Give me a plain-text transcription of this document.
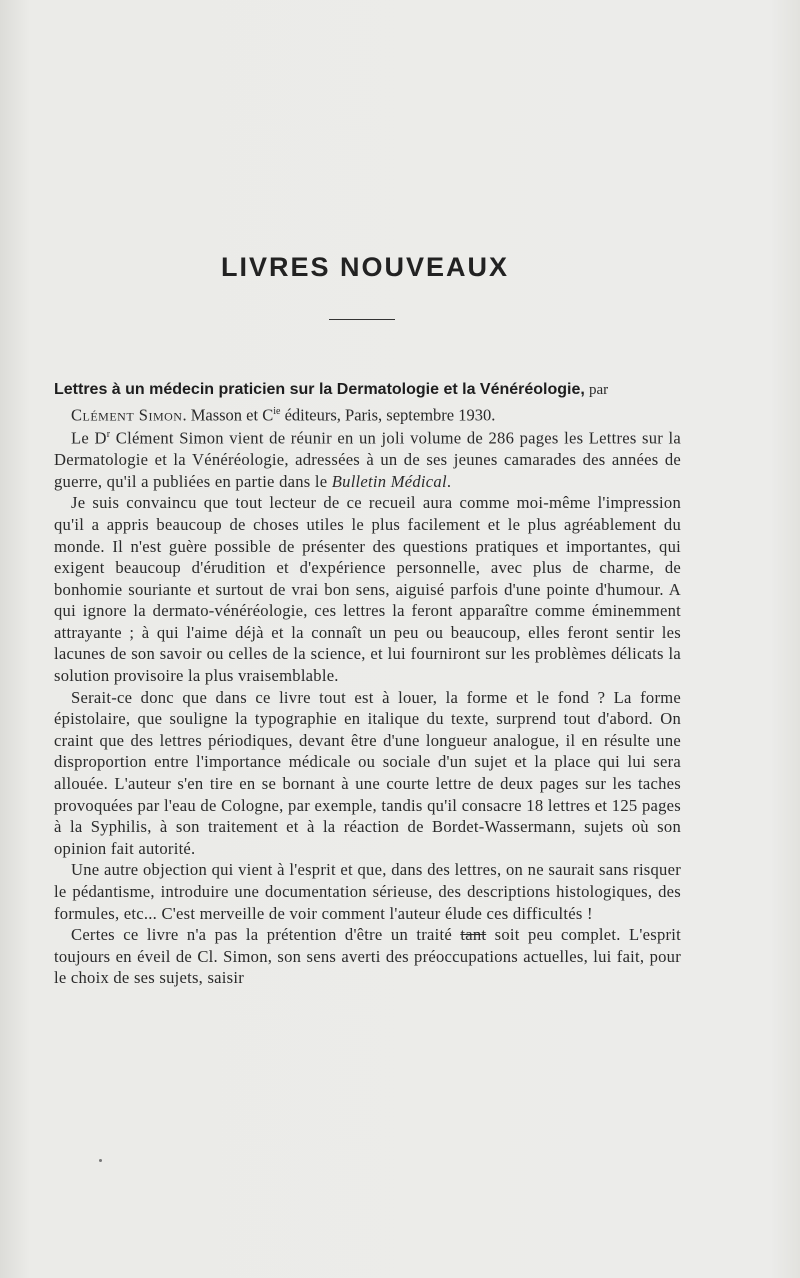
LIVRES NOUVEAUX
Lettres à un médecin praticien sur la Dermatologie et la Vénéréologie, par
Clément Simon. Masson et $C^{ie}$ éditeurs, Paris, septembre 1930.

Le $D^r$ Clément Simon vient de réunir en un joli volume de 286 pages les Lettres sur la Dermatologie et la Vénéréologie, adressées à un de ses jeunes camarades des années de guerre, qu'il a publiées en partie dans le Bulletin Médical.

Je suis convaincu que tout lecteur de ce recueil aura comme moi-même l'impression qu'il a appris beaucoup de choses utiles le plus facilement et le plus agréablement du monde. Il n'est guère possible de présenter des questions pratiques et importantes, qui exigent beaucoup d'érudition et d'expérience personnelle, avec plus de charme, de bonhomie souriante et surtout de vrai bon sens, aiguisé parfois d'une pointe d'humour. A qui ignore la dermato-vénéréologie, ces lettres la feront apparaître comme éminemment attrayante ; à qui l'aime déjà et la connaît un peu ou beaucoup, elles feront sentir les lacunes de son savoir ou celles de la science, et lui fourniront sur les problèmes délicats la solution provisoire la plus vraisemblable.

Serait-ce donc que dans ce livre tout est à louer, la forme et le fond ? La forme épistolaire, que souligne la typographie en italique du texte, surprend tout d'abord. On craint que des lettres périodiques, devant être d'une longueur analogue, il en résulte une disproportion entre l'importance médicale ou sociale d'un sujet et la place qui lui sera allouée. L'auteur s'en tire en se bornant à une courte lettre de deux pages sur les taches provoquées par l'eau de Cologne, par exemple, tandis qu'il consacre 18 lettres et 125 pages à la Syphilis, à son traitement et à la réaction de Bordet-Wassermann, sujets où son opinion fait autorité.

Une autre objection qui vient à l'esprit et que, dans des lettres, on ne saurait sans risquer le pédantisme, introduire une documentation sérieuse, des descriptions histologiques, des formules, etc... C'est merveille de voir comment l'auteur élude ces difficultés !

Certes ce livre n'a pas la prétention d'être un traité tant soit peu complet. L'esprit toujours en éveil de Cl. Simon, son sens averti des préoccupations actuelles, lui fait, pour le choix de ses sujets, saisir
